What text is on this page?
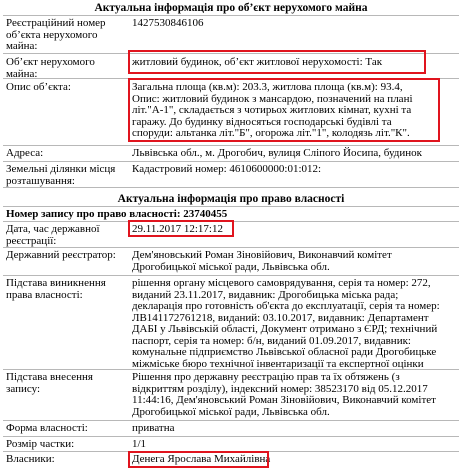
Актуальна інформація про об’єкт нерухомого майна
Реєстраційний номер об’єкта нерухомого майна:
1427530846106
Об’єкт нерухомого майна:
житловий будинок, об’єкт житлової нерухомості: Так
Опис об’єкта:	Загальна площа (кв.м): 203.3, житлова площа (кв.м): 93.4, Опис: житловий будинок з мансардою, позначений на плані літ."А-1", складається з чотирьох житлових кімнат, кухні та гаражу. До будинку відносяться господарські будівлі та споруди: альтанка літ."Б", огорожа літ."1", колодязь літ."К".
Адреса:	Львівська обл., м. Дрогобич, вулиця Сліпого Йосипа, будинок
Земельні ділянки місця розташування:
Кадастровий номер: 4610600000:01:012:
Актуальна інформація про право власності
Номер запису про право власності: 23740455
Дата, час державної реєстрації:
29.11.2017 12:17:12
Державний реєстратор:	Дем'яновський Роман Зіновійович, Виконавчий комітет Дрогобицької міської ради, Львівська обл.
Підстава виникнення права власності:
рішення органу місцевого самоврядування, серія та номер: 272, виданий 23.11.2017, видавник: Дрогобицька міська рада; декларація про готовність об'єкта до експлуатації, серія та номер: ЛВ141172761218, виданий: 03.10.2017, видавник: Департамент ДАБІ у Львівській області, Документ отримано з ЄРД; технічний паспорт, серія та номер: б/н, виданий 01.09.2017, видавник: комунальне підприємство Львівської обласної ради Дрогобицьке міжміське бюро технічної інвентаризації та експертної оцінки
Підстава внесення запису:
Рішення про державну реєстрацію прав та їх обтяжень (з відкриттям розділу), індексний номер: 38523170 від 05.12.2017 11:44:16, Дем'яновський Роман Зіновійович, Виконавчий комітет Дрогобицької міської ради, Львівська обл.
Форма власності:	приватна
Розмір частки:	1/1
Власники:	Денега Ярослава Михайлівна
